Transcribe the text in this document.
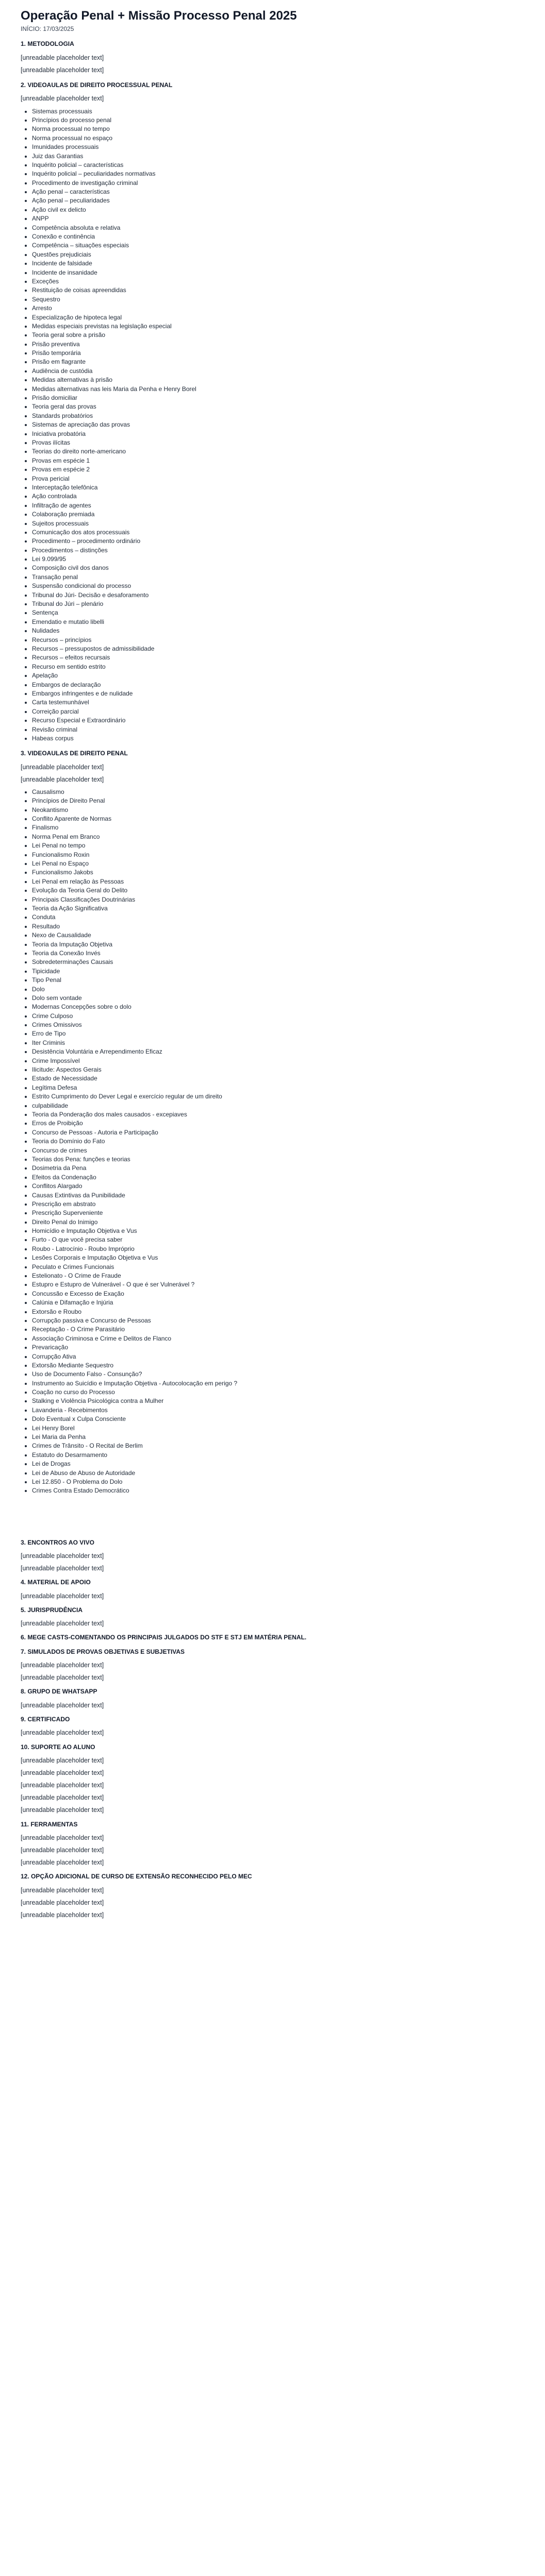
Operação Penal + Missão Processo Penal 2025
INÍCIO: 17/03/2025
1. METODOLOGIA

[unreadable placeholder text]

[unreadable placeholder text]

2. VIDEOAULAS DE DIREITO PROCESSUAL PENAL

[unreadable placeholder text]

• Sistemas processuais
• Princípios do processo penal
• Norma processual no tempo
• Norma processual no espaço
• Imunidades processuais
• Juiz das Garantias
• Inquérito policial – características
• Inquérito policial – peculiaridades normativas
• Procedimento de investigação criminal
• Ação penal – características
• Ação penal – peculiaridades
• Ação civil ex delicto
• ANPP
• Competência absoluta e relativa
• Conexão e continência
• Competência – situações especiais
• Questões prejudiciais
• Incidente de falsidade
• Incidente de insanidade
• Exceções
• Restituição de coisas apreendidas
• Sequestro
• Arresto
• Especialização de hipoteca legal
• Medidas especiais previstas na legislação especial
• Teoria geral sobre a prisão
• Prisão preventiva
• Prisão temporária
• Prisão em flagrante
• Audiência de custódia
• Medidas alternativas à prisão
• Medidas alternativas nas leis Maria da Penha e Henry Borel
• Prisão domiciliar
• Teoria geral das provas
• Standards probatórios
• Sistemas de apreciação das provas
• Iniciativa probatória
• Provas ilícitas
• Teorias do direito norte-americano
• Provas em espécie 1
• Provas em espécie 2
• Prova pericial
• Interceptação telefônica
• Ação controlada
• Infiltração de agentes
• Colaboração premiada
• Sujeitos processuais
• Comunicação dos atos processuais
• Procedimento – procedimento ordinário
• Procedimentos – distinções
• Lei 9.099/95
• Composição civil dos danos
• Transação penal
• Suspensão condicional do processo
• Tribunal do Júri- Decisão e desaforamento
• Tribunal do Júri – plenário
• Sentença
• Emendatio e mutatio libelli
• Nulidades
• Recursos – princípios
• Recursos – pressupostos de admissibilidade
• Recursos – efeitos recursais
• Recurso em sentido estrito
• Apelação
• Embargos de declaração
• Embargos infringentes e de nulidade
• Carta testemunhável
• Correição parcial
• Recurso Especial e Extraordinário
• Revisão criminal
• Habeas corpus
3. VIDEOAULAS DE DIREITO PENAL

[unreadable placeholder text]

[unreadable placeholder text]

• Causalismo
• Princípios de Direito Penal
• Neokantismo
• Conflito Aparente de Normas
• Finalismo
• Norma Penal em Branco
• Lei Penal no tempo
• Funcionalismo Roxin
• Lei Penal no Espaço
• Funcionalismo Jakobs
• Lei Penal em relação às Pessoas
• Evolução da Teoria Geral do Delito
• Principais Classificações Doutrinárias
• Teoria da Ação Significativa
• Conduta
• Resultado
• Nexo de Causalidade
• Teoria da Imputação Objetiva
• Teoria da Conexão Invés
• Sobredeterminações Causais
• Tipicidade
• Tipo Penal
• Dolo
• Dolo sem vontade
• Modernas Concepções sobre o dolo
• Crime Culposo
• Crimes Omissivos
• Erro de Tipo
• Iter Criminis
• Desistência Voluntária e Arrependimento Eficaz
• Crime Impossível
• Ilicitude: Aspectos Gerais
• Estado de Necessidade
• Legítima Defesa
• Estrito Cumprimento do Dever Legal e exercício regular de um direito
• culpabilidade
• Teoria da Ponderação dos males causados - excepiaves
• Erros de Proibição
• Concurso de Pessoas - Autoria e Participação
• Teoria do Domínio do Fato
• Concurso de crimes
• Teorias dos Pena: funções e teorias
• Dosimetria da Pena
• Efeitos da Condenação
• Conflitos Alargado
• Causas Extintivas da Punibilidade
• Prescrição em abstrato
• Prescrição Superveniente
• Direito Penal do Inimigo
• Homicídio e Imputação Objetiva e Vus
• Furto - O que você precisa saber
• Roubo - Latrocínio - Roubo Impróprio
• Lesões Corporais e Imputação Objetiva e Vus
• Peculato e Crimes Funcionais
• Estelionato - O Crime de Fraude
• Estupro e Estupro de Vulnerável - O que é ser Vulnerável ?
• Concussão e Excesso de Exação
• Calúnia e Difamação e Injúria
• Extorsão e Roubo
• Corrupção passiva e Concurso de Pessoas
• Receptação - O Crime Parasitário
• Associação Criminosa e Crime e Delitos de Flanco
• Prevaricação
• Corrupção Ativa
• Extorsão Mediante Sequestro
• Uso de Documento Falso - Consunção?
• Instrumento ao Suicídio e Imputação Objetiva - Autocolocação em perigo ?
• Coação no curso do Processo
• Stalking e Violência Psicológica contra a Mulher
• Lavanderia - Recebimentos
• Dolo Eventual x Culpa Consciente
• Lei Henry Borel
• Lei Maria da Penha
• Crimes de Trânsito - O Recital de Berlim
• Estatuto do Desarmamento
• Lei de Drogas
• Lei de Abuso de Abuso de Autoridade
• Lei 12.850 - O Problema do Dolo
• Crimes Contra Estado Democrático
3. ENCONTROS AO VIVO

[unreadable placeholder text]

[unreadable placeholder text]

4. MATERIAL DE APOIO

[unreadable placeholder text]

5. JURISPRUDÊNCIA

[unreadable placeholder text]

6. MEGE CASTS-COMENTANDO OS PRINCIPAIS JULGADOS DO STF E STJ EM MATÉRIA PENAL.
7. SIMULADOS DE PROVAS OBJETIVAS E SUBJETIVAS

[unreadable placeholder text]

[unreadable placeholder text]

8. GRUPO DE WHATSAPP

[unreadable placeholder text]

9. CERTIFICADO

[unreadable placeholder text]

10. SUPORTE AO ALUNO

[unreadable placeholder text]

[unreadable placeholder text]

[unreadable placeholder text]

[unreadable placeholder text]

[unreadable placeholder text]

11. FERRAMENTAS

[unreadable placeholder text]

[unreadable placeholder text]

[unreadable placeholder text]

12. OPÇÃO ADICIONAL DE CURSO DE EXTENSÃO RECONHECIDO PELO MEC

[unreadable placeholder text]

[unreadable placeholder text]

[unreadable placeholder text]
